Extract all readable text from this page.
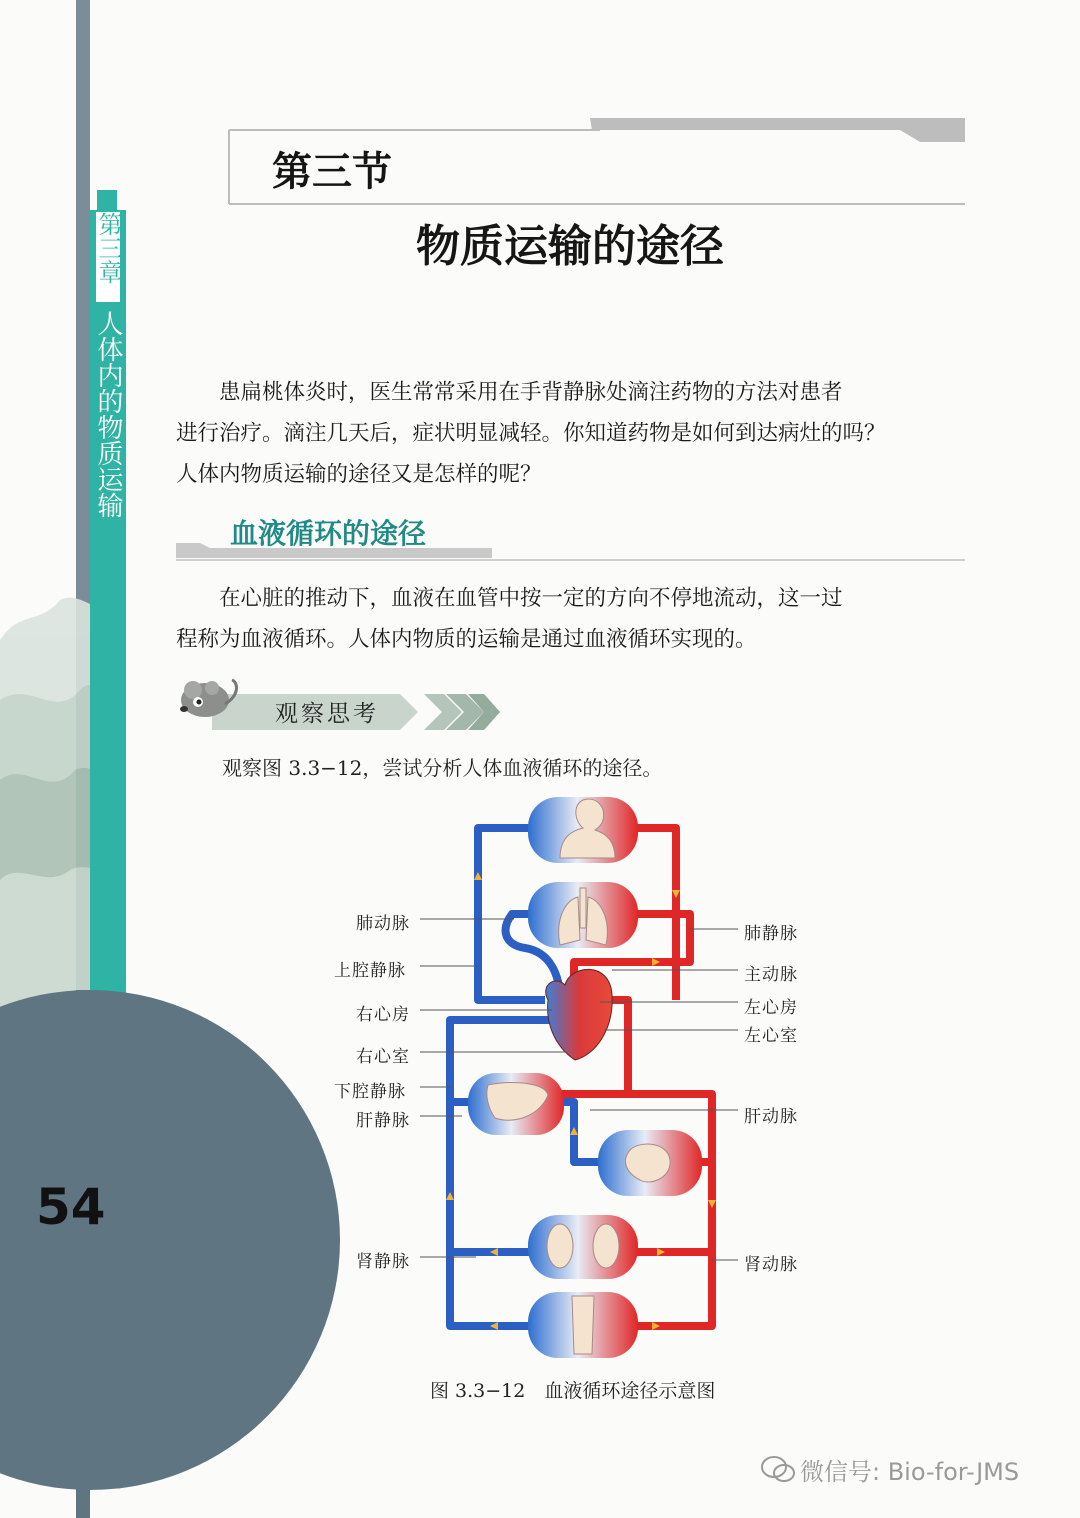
第三章
人体内的物质运输
54
第三节
物质运输的途径
患扁桃体炎时，医生常常采用在手背静脉处滴注药物的方法对患者
进行治疗。滴注几天后，症状明显减轻。你知道药物是如何到达病灶的吗？
人体内物质运输的途径又是怎样的呢？
血液循环的途径
在心脏的推动下，血液在血管中按一定的方向不停地流动，这一过
程称为血液循环。人体内物质的运输是通过血液循环实现的。
观察思考
观察图 3.3−12，尝试分析人体血液循环的途径。
肺动脉
上腔静脉
右心房
右心室
下腔静脉
肝静脉
肾静脉
肺静脉
主动脉
左心房
左心室
肝动脉
肾动脉
图 3.3−12　血液循环途径示意图
微信号: Bio-for-JMS
